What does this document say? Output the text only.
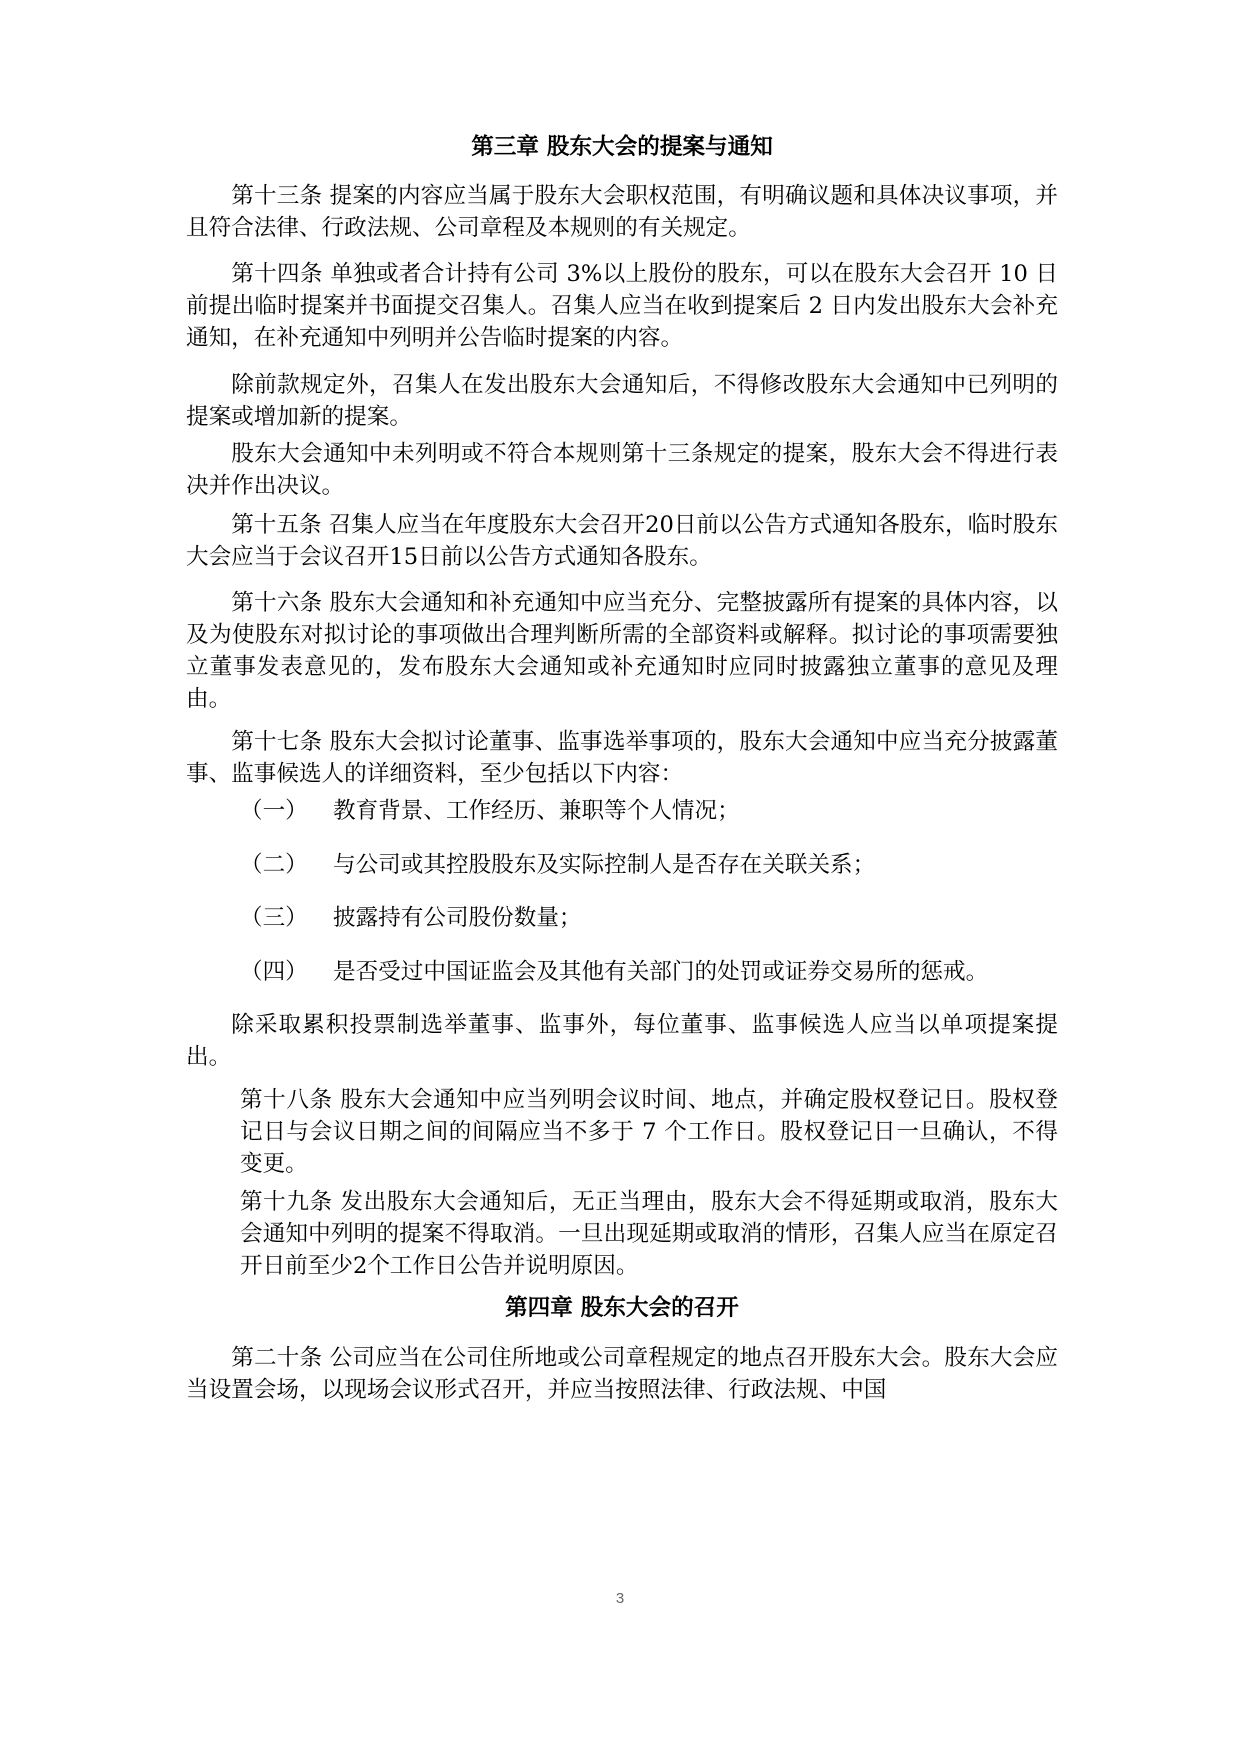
第三章 股东大会的提案与通知

第十三条 提案的内容应当属于股东大会职权范围，有明确议题和具体决议事项，并且符合法律、行政法规、公司章程及本规则的有关规定。

第十四条 单独或者合计持有公司 3%以上股份的股东，可以在股东大会召开 10 日前提出临时提案并书面提交召集人。召集人应当在收到提案后 2 日内发出股东大会补充通知，在补充通知中列明并公告临时提案的内容。

除前款规定外，召集人在发出股东大会通知后，不得修改股东大会通知中已列明的提案或增加新的提案。

股东大会通知中未列明或不符合本规则第十三条规定的提案，股东大会不得进行表决并作出决议。

第十五条 召集人应当在年度股东大会召开20日前以公告方式通知各股东，临时股东大会应当于会议召开15日前以公告方式通知各股东。

第十六条 股东大会通知和补充通知中应当充分、完整披露所有提案的具体内容，以及为使股东对拟讨论的事项做出合理判断所需的全部资料或解释。拟讨论的事项需要独立董事发表意见的，发布股东大会通知或补充通知时应同时披露独立董事的意见及理由。

第十七条 股东大会拟讨论董事、监事选举事项的，股东大会通知中应当充分披露董事、监事候选人的详细资料，至少包括以下内容：

（一）	教育背景、工作经历、兼职等个人情况；
（二）	与公司或其控股股东及实际控制人是否存在关联关系；
（三）	披露持有公司股份数量；
（四）	是否受过中国证监会及其他有关部门的处罚或证券交易所的惩戒。

除采取累积投票制选举董事、监事外，每位董事、监事候选人应当以单项提案提出。

第十八条 股东大会通知中应当列明会议时间、地点，并确定股权登记日。股权登记日与会议日期之间的间隔应当不多于 7 个工作日。股权登记日一旦确认，不得变更。

第十九条 发出股东大会通知后，无正当理由，股东大会不得延期或取消，股东大会通知中列明的提案不得取消。一旦出现延期或取消的情形，召集人应当在原定召开日前至少2个工作日公告并说明原因。

第四章 股东大会的召开

第二十条 公司应当在公司住所地或公司章程规定的地点召开股东大会。股东大会应当设置会场，以现场会议形式召开，并应当按照法律、行政法规、中国

3
